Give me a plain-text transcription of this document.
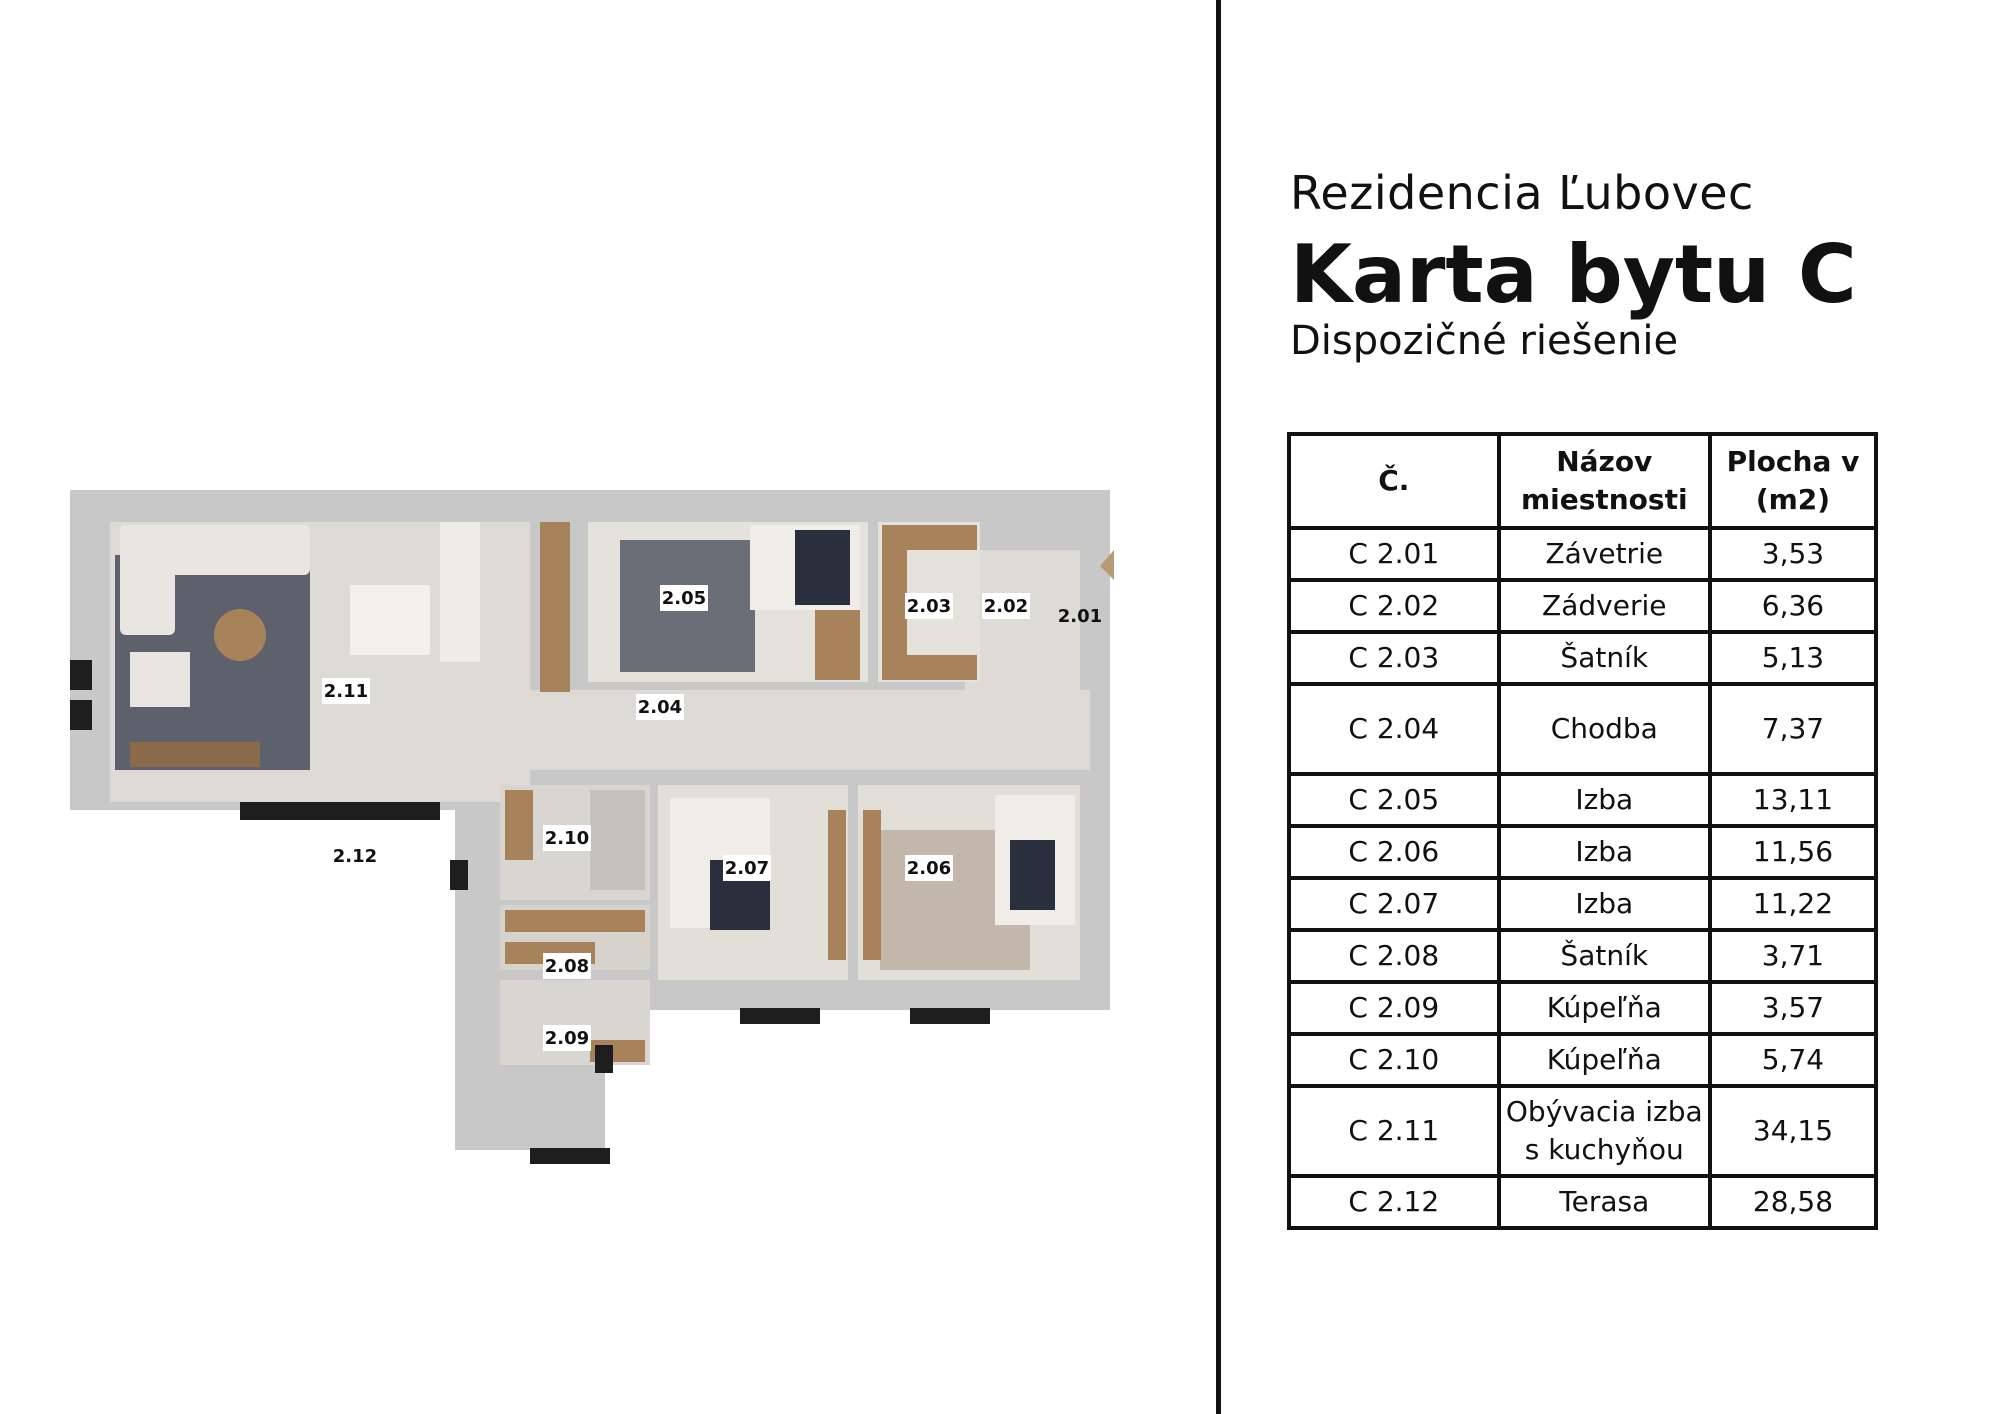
2.11
2.04
2.05	2.03 2.02 2.01
2.10
2.07	2.06
2.08
2.09
2.12
Rezidencia Ľubovec
Karta bytu C
Dispozičné riešenie
Č.	Názov miestnosti	Plocha v (m2)
C 2.01	Závetrie	3,53
C 2.02	Zádverie	6,36
C 2.03	Šatník	5,13
C 2.04	Chodba	7,37
C 2.05	Izba	13,11
C 2.06	Izba	11,56
C 2.07	Izba	11,22
C 2.08	Šatník	3,71
C 2.09	Kúpeľňa	3,57
C 2.10	Kúpeľňa	5,74
C 2.11	Obývacia izba s kuchyňou	34,15
C 2.12	Terasa	28,58
